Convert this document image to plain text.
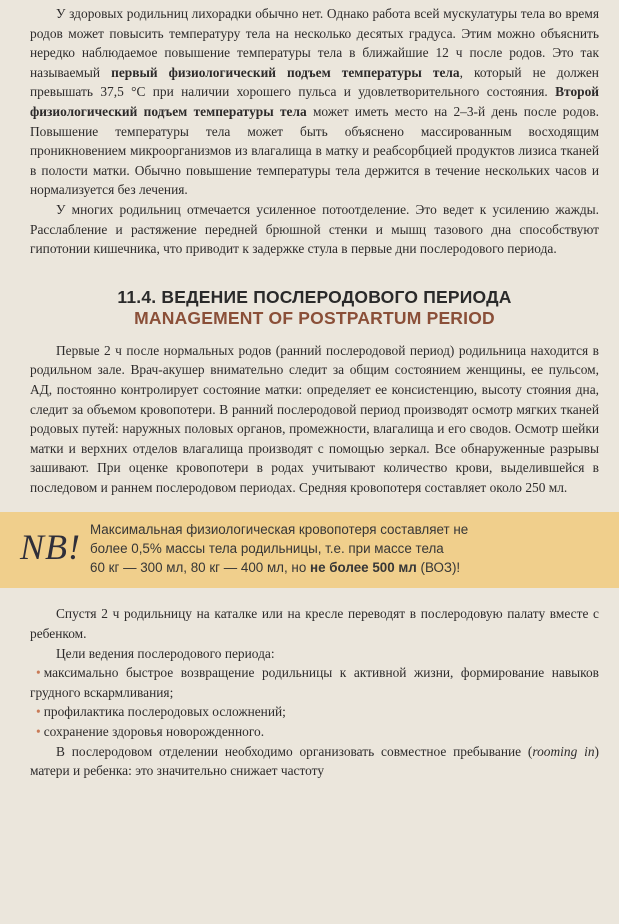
У здоровых родильниц лихорадки обычно нет. Однако работа всей мускулатуры тела во время родов может повысить температуру тела на несколько десятых градуса. Этим можно объяснить нередко наблюдаемое повышение температуры тела в ближайшие 12 ч после родов. Это так называемый первый физиологический подъем температуры тела, который не должен превышать 37,5 °С при наличии хорошего пульса и удовлетворительного состояния. Второй физиологический подъем температуры тела может иметь место на 2–3-й день после родов. Повышение температуры тела может быть объяснено массированным восходящим проникновением микроорганизмов из влагалища в матку и реабсорбцией продуктов лизиса тканей в полости матки. Обычно повышение температуры тела держится в течение нескольких часов и нормализуется без лечения.

У многих родильниц отмечается усиленное потоотделение. Это ведет к усилению жажды. Расслабление и растяжение передней брюшной стенки и мышц тазового дна способствуют гипотонии кишечника, что приводит к задержке стула в первые дни послеродового периода.

11.4. ВЕДЕНИЕ ПОСЛЕРОДОВОГО ПЕРИОДА
MANAGEMENT OF POSTPARTUM PERIOD

Первые 2 ч после нормальных родов (ранний послеродовой период) родильница находится в родильном зале. Врач-акушер внимательно следит за общим состоянием женщины, ее пульсом, АД, постоянно контролирует состояние матки: определяет ее консистенцию, высоту стояния дна, следит за объемом кровопотери. В ранний послеродовой период производят осмотр мягких тканей родовых путей: наружных половых органов, промежности, влагалища и его сводов. Осмотр шейки матки и верхних отделов влагалища производят с помощью зеркал. Все обнаруженные разрывы зашивают. При оценке кровопотери в родах учитывают количество крови, выделившейся в последовом и раннем послеродовом периодах. Средняя кровопотеря составляет около 250 мл.

NB! Максимальная физиологическая кровопотеря составляет не
более 0,5% массы тела родильницы, т.е. при массе тела
60 кг — 300 мл, 80 кг — 400 мл, но не более 500 мл (ВОЗ)!

Спустя 2 ч родильницу на каталке или на кресле переводят в послеродовую палату вместе с ребенком.

Цели ведения послеродового периода:

• максимально быстрое возвращение родильницы к активной жизни, формирование навыков грудного вскармливания;

• профилактика послеродовых осложнений;

• сохранение здоровья новорожденного.

В послеродовом отделении необходимо организовать совместное пребывание (rooming in) матери и ребенка: это значительно снижает частоту
